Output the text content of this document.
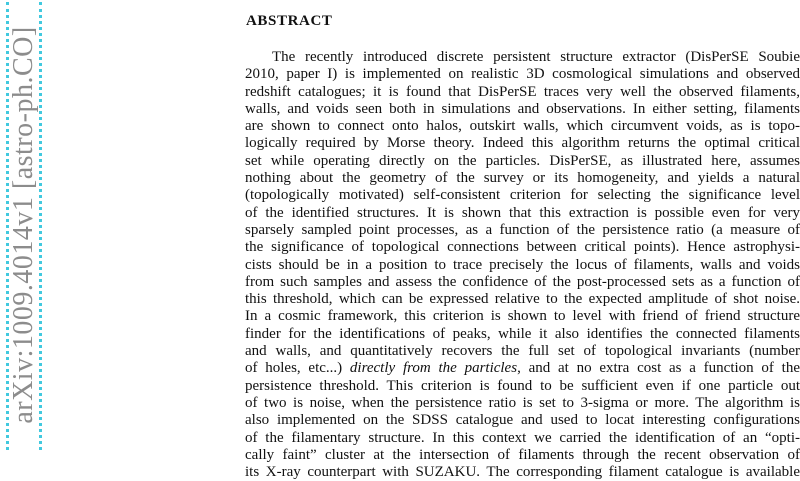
arXiv:1009.4014v1 [astro-ph.CO]
ABSTRACT
The recently introduced discrete persistent structure extractor (DisPerSE Soubie
2010, paper I) is implemented on realistic 3D cosmological simulations and observed
redshift catalogues; it is found that DisPerSE traces very well the observed filaments,
walls, and voids seen both in simulations and observations. In either setting, filaments
are shown to connect onto halos, outskirt walls, which circumvent voids, as is topo-
logically required by Morse theory. Indeed this algorithm returns the optimal critical
set while operating directly on the particles. DisPerSE, as illustrated here, assumes
nothing about the geometry of the survey or its homogeneity, and yields a natural
(topologically motivated) self-consistent criterion for selecting the significance level
of the identified structures. It is shown that this extraction is possible even for very
sparsely sampled point processes, as a function of the persistence ratio (a measure of
the significance of topological connections between critical points). Hence astrophysi-
cists should be in a position to trace precisely the locus of filaments, walls and voids
from such samples and assess the confidence of the post-processed sets as a function of
this threshold, which can be expressed relative to the expected amplitude of shot noise.
In a cosmic framework, this criterion is shown to level with friend of friend structure
finder for the identifications of peaks, while it also identifies the connected filaments
and walls, and quantitatively recovers the full set of topological invariants (number
of holes, etc...) directly from the particles, and at no extra cost as a function of the
persistence threshold. This criterion is found to be sufficient even if one particle out
of two is noise, when the persistence ratio is set to 3-sigma or more. The algorithm is
also implemented on the SDSS catalogue and used to locat interesting configurations
of the filamentary structure. In this context we carried the identification of an “opti-
cally faint” cluster at the intersection of filaments through the recent observation of
its X-ray counterpart with SUZAKU. The corresponding filament catalogue is available
